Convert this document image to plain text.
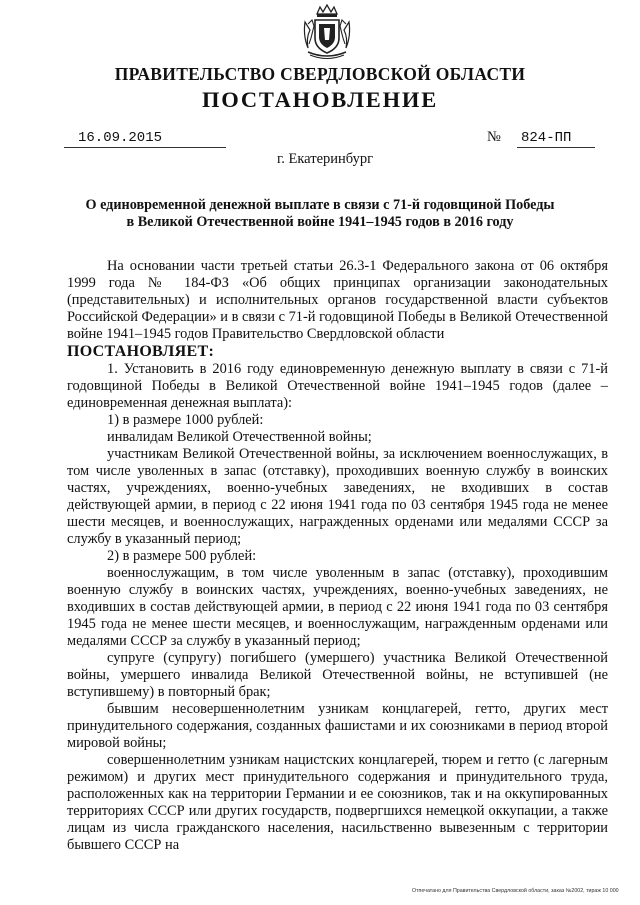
ПРАВИТЕЛЬСТВО СВЕРДЛОВСКОЙ ОБЛАСТИ
ПОСТАНОВЛЕНИЕ
16.09.2015	№ 824-ПП
г. Екатеринбург
О единовременной денежной выплате в связи с 71-й годовщиной Победы
в Великой Отечественной войне 1941–1945 годов в 2016 году

На основании части третьей статьи 26.3-1 Федерального закона от 06 октября 1999 года № 184-ФЗ «Об общих принципах организации законодательных (представительных) и исполнительных органов государственной власти субъектов Российской Федерации» и в связи с 71-й годовщиной Победы в Великой Отечественной войне 1941–1945 годов Правительство Свердловской области

ПОСТАНОВЛЯЕТ:

1. Установить в 2016 году единовременную денежную выплату в связи с 71-й годовщиной Победы в Великой Отечественной войне 1941–1945 годов (далее – единовременная денежная выплата):

1) в размере 1000 рублей:

инвалидам Великой Отечественной войны;

участникам Великой Отечественной войны, за исключением военнослужащих, в том числе уволенных в запас (отставку), проходивших военную службу в воинских частях, учреждениях, военно-учебных заведениях, не входивших в состав действующей армии, в период с 22 июня 1941 года по 03 сентября 1945 года не менее шести месяцев, и военнослужащих, награжденных орденами или медалями СССР за службу в указанный период;

2) в размере 500 рублей:

военнослужащим, в том числе уволенным в запас (отставку), проходившим военную службу в воинских частях, учреждениях, военно-учебных заведениях, не входивших в состав действующей армии, в период с 22 июня 1941 года по 03 сентября 1945 года не менее шести месяцев, и военнослужащим, награжденным орденами или медалями СССР за службу в указанный период;

супруге (супругу) погибшего (умершего) участника Великой Отечественной войны, умершего инвалида Великой Отечественной войны, не вступившей (не вступившему) в повторный брак;

бывшим несовершеннолетним узникам концлагерей, гетто, других мест принудительного содержания, созданных фашистами и их союзниками в период второй мировой войны;

совершеннолетним узникам нацистских концлагерей, тюрем и гетто (с лагерным режимом) и других мест принудительного содержания и принудительного труда, расположенных как на территории Германии и ее союзников, так и на оккупированных территориях СССР или других государств, подвергшихся немецкой оккупации, а также лицам из числа гражданского населения, насильственно вывезенным с территории бывшего СССР на

Отпечатано для Правительства Свердловской области, заказ №2002, тираж 10 000
